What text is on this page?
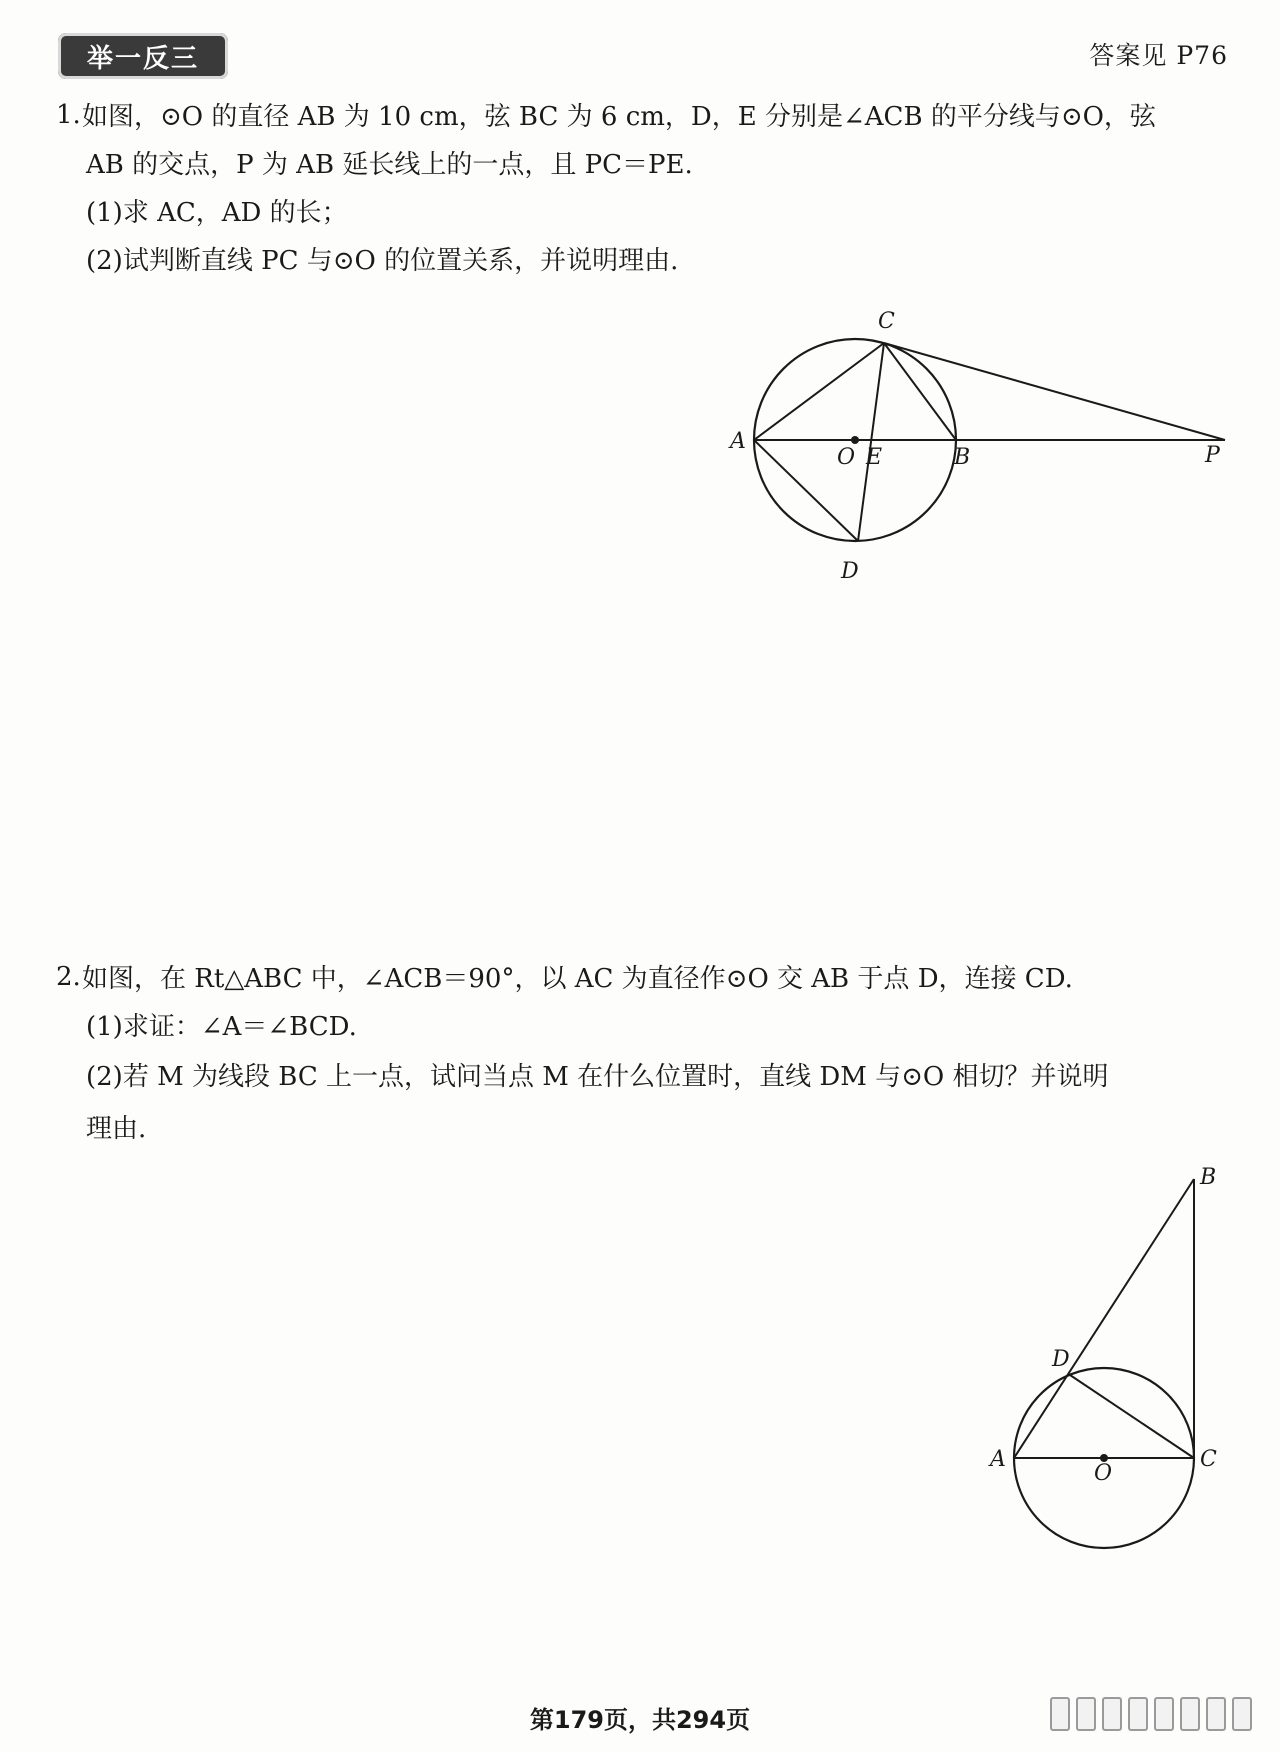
举一反三	答案见 P76
1. 如图，⊙O 的直径 AB 为 10 cm，弦 BC 为 6 cm，D，E 分别是∠ACB 的平分线与⊙O，弦
AB 的交点，P 为 AB 延长线上的一点，且 PC＝PE.
(1)求 AC，AD 的长；
(2)试判断直线 PC 与⊙O 的位置关系，并说明理由.
C
A
O E	B	P
D
2. 如图，在 Rt△ABC 中，∠ACB＝90°，以 AC 为直径作⊙O 交 AB 于点 D，连接 CD.
(1)求证：∠A＝∠BCD.
(2)若 M 为线段 BC 上一点，试问当点 M 在什么位置时，直线 DM 与⊙O 相切？并说明
理由.
B
D
A
O
C
第179页，共294页
